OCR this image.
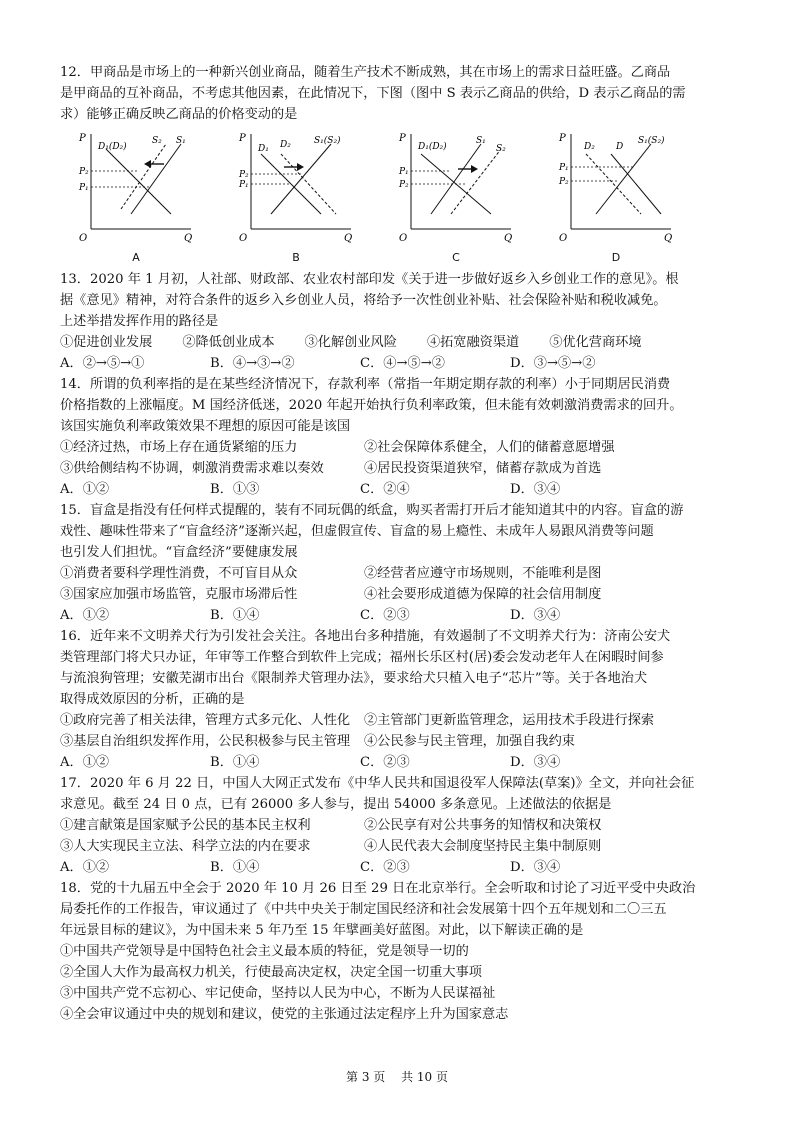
12．甲商品是市场上的一种新兴创业商品，随着生产技术不断成熟，其在市场上的需求日益旺盛。乙商品
是甲商品的互补商品，不考虑其他因素，在此情况下，下图（图中 S 表示乙商品的供给，D 表示乙商品的需
求）能够正确反映乙商品的价格变动的是
P
O	Q
D₁(D₂)
S₂ S₁
P₂
P₁
A
P
O	Q
D₁ D₂	S₁(S₂)
P₂
P₁
B
P
O	Q
D₁(D₂)
S₁
S₂
P₁
P₂
C
P
O	Q
D₂ D
S₁(S₂)
P₁
P₂
D
13．2020 年 1 月初，人社部、财政部、农业农村部印发《关于进一步做好返乡入乡创业工作的意见》。根
据《意见》精神，对符合条件的返乡入乡创业人员，将给予一次性创业补贴、社会保险补贴和税收减免。
上述举措发挥作用的路径是
①促进创业发展 ②降低创业成本 ③化解创业风险 ④拓宽融资渠道 ⑤优化营商环境
A．②→⑤→①	B．④→③→②	C．④→⑤→②	D．③→⑤→②
14．所谓的负利率指的是在某些经济情况下，存款利率（常指一年期定期存款的利率）小于同期居民消费
价格指数的上涨幅度。M 国经济低迷，2020 年起开始执行负利率政策，但未能有效刺激消费需求的回升。
该国实施负利率政策效果不理想的原因可能是该国
①经济过热，市场上存在通货紧缩的压力	②社会保障体系健全，人们的储蓄意愿增强
③供给侧结构不协调，刺激消费需求难以奏效	④居民投资渠道狭窄，储蓄存款成为首选
A．①②	B．①③	C．②④	D．③④
15．盲盒是指没有任何样式提醒的，装有不同玩偶的纸盒，购买者需打开后才能知道其中的内容。盲盒的游
戏性、趣味性带来了“盲盒经济”逐渐兴起，但虚假宣传、盲盒的易上瘾性、未成年人易跟风消费等问题
也引发人们担忧。“盲盒经济”要健康发展
①消费者要科学理性消费，不可盲目从众	②经营者应遵守市场规则，不能唯利是图
③国家应加强市场监管，克服市场滞后性	④社会要形成道德为保障的社会信用制度
A．①②	B．①④	C．②③	D．③④
16．近年来不文明养犬行为引发社会关注。各地出台多种措施，有效遏制了不文明养犬行为：济南公安犬
类管理部门将犬只办证，年审等工作整合到软件上完成；福州长乐区村(居)委会发动老年人在闲暇时间参
与流浪狗管理；安徽芜湖市出台《限制养犬管理办法》，要求给犬只植入电子“芯片”等。关于各地治犬
取得成效原因的分析，正确的是
①政府完善了相关法律，管理方式多元化、人性化	②主管部门更新监管理念，运用技术手段进行探索
③基层自治组织发挥作用，公民积极参与民主管理	④公民参与民主管理，加强自我约束
A．①②	B．①④	C．②③	D．③④
17．2020 年 6 月 22 日，中国人大网正式发布《中华人民共和国退役军人保障法(草案)》全文，并向社会征
求意见。截至 24 日 0 点，已有 26000 多人参与，提出 54000 多条意见。上述做法的依据是
①建言献策是国家赋予公民的基本民主权利	②公民享有对公共事务的知情权和决策权
③人大实现民主立法、科学立法的内在要求	④人民代表大会制度坚持民主集中制原则
A．①②	B．①④	C．②③	D．③④
18．党的十九届五中全会于 2020 年 10 月 26 日至 29 日在北京举行。全会听取和讨论了习近平受中央政治
局委托作的工作报告，审议通过了《中共中央关于制定国民经济和社会发展第十四个五年规划和二〇三五
年远景目标的建议》，为中国未来 5 年乃至 15 年擘画美好蓝图。对此，以下解读正确的是
①中国共产党领导是中国特色社会主义最本质的特征，党是领导一切的
②全国人大作为最高权力机关，行使最高决定权，决定全国一切重大事项
③中国共产党不忘初心、牢记使命，坚持以人民为中心，不断为人民谋福祉
④全会审议通过中央的规划和建议，使党的主张通过法定程序上升为国家意志
第 3 页 共 10 页
